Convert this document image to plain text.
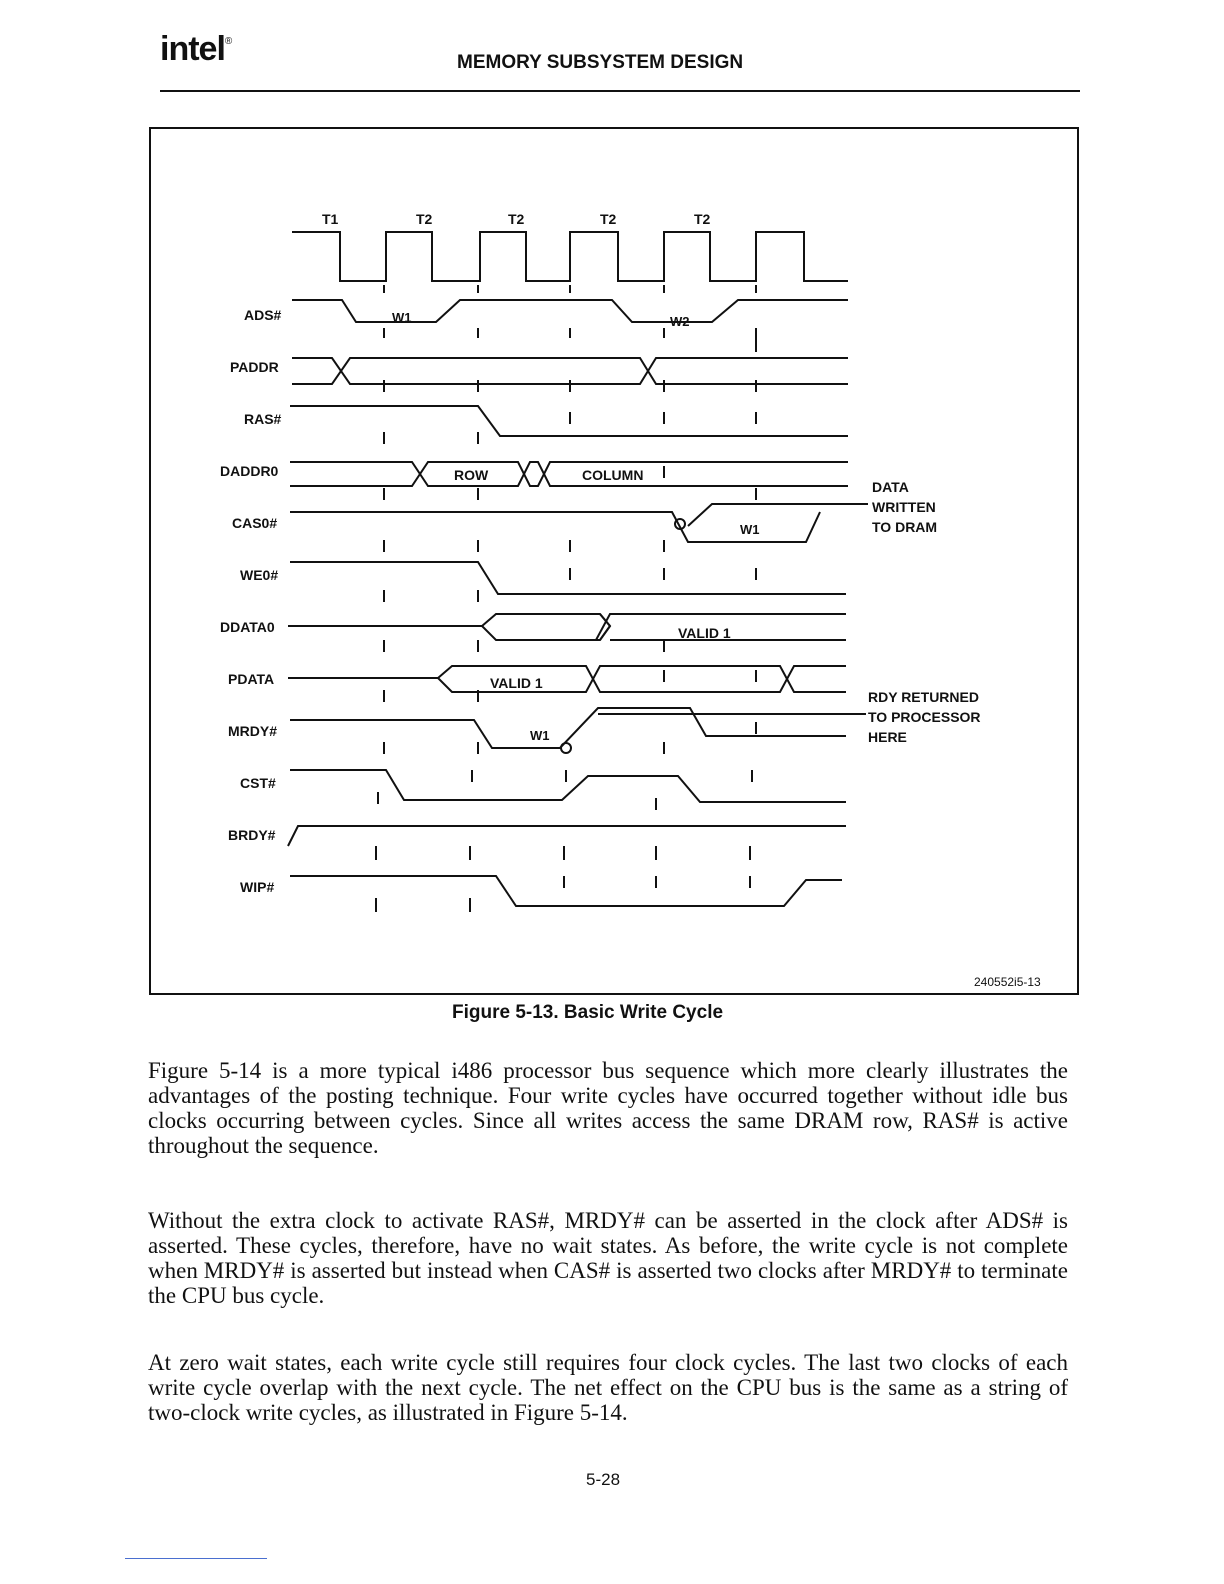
intel®
MEMORY SUBSYSTEM DESIGN
T1	T2	T2	T2	T2
ADS#
PADDR
RAS#
DADDR0
CAS0#
WE0#
DDATA0
PDATA
MRDY#
CST#
BRDY#
WIP#
W1	W2
ROW	COLUMN
W1
VALID 1
VALID 1
W1
DATA
WRITTEN
TO DRAM
RDY RETURNED
TO PROCESSOR
HERE
240552i5-13
Figure 5-13. Basic Write Cycle

Figure 5-14 is a more typical i486 processor bus sequence which more clearly illustrates the advantages of the posting technique. Four write cycles have occurred together without idle bus clocks occurring between cycles. Since all writes access the same DRAM row, RAS# is active throughout the sequence.

Without the extra clock to activate RAS#, MRDY# can be asserted in the clock after ADS# is asserted. These cycles, therefore, have no wait states. As before, the write cycle is not complete when MRDY# is asserted but instead when CAS# is asserted two clocks after MRDY# to terminate the CPU bus cycle.

At zero wait states, each write cycle still requires four clock cycles. The last two clocks of each write cycle overlap with the next cycle. The net effect on the CPU bus is the same as a string of two-clock write cycles, as illustrated in Figure 5-14.

5-28
